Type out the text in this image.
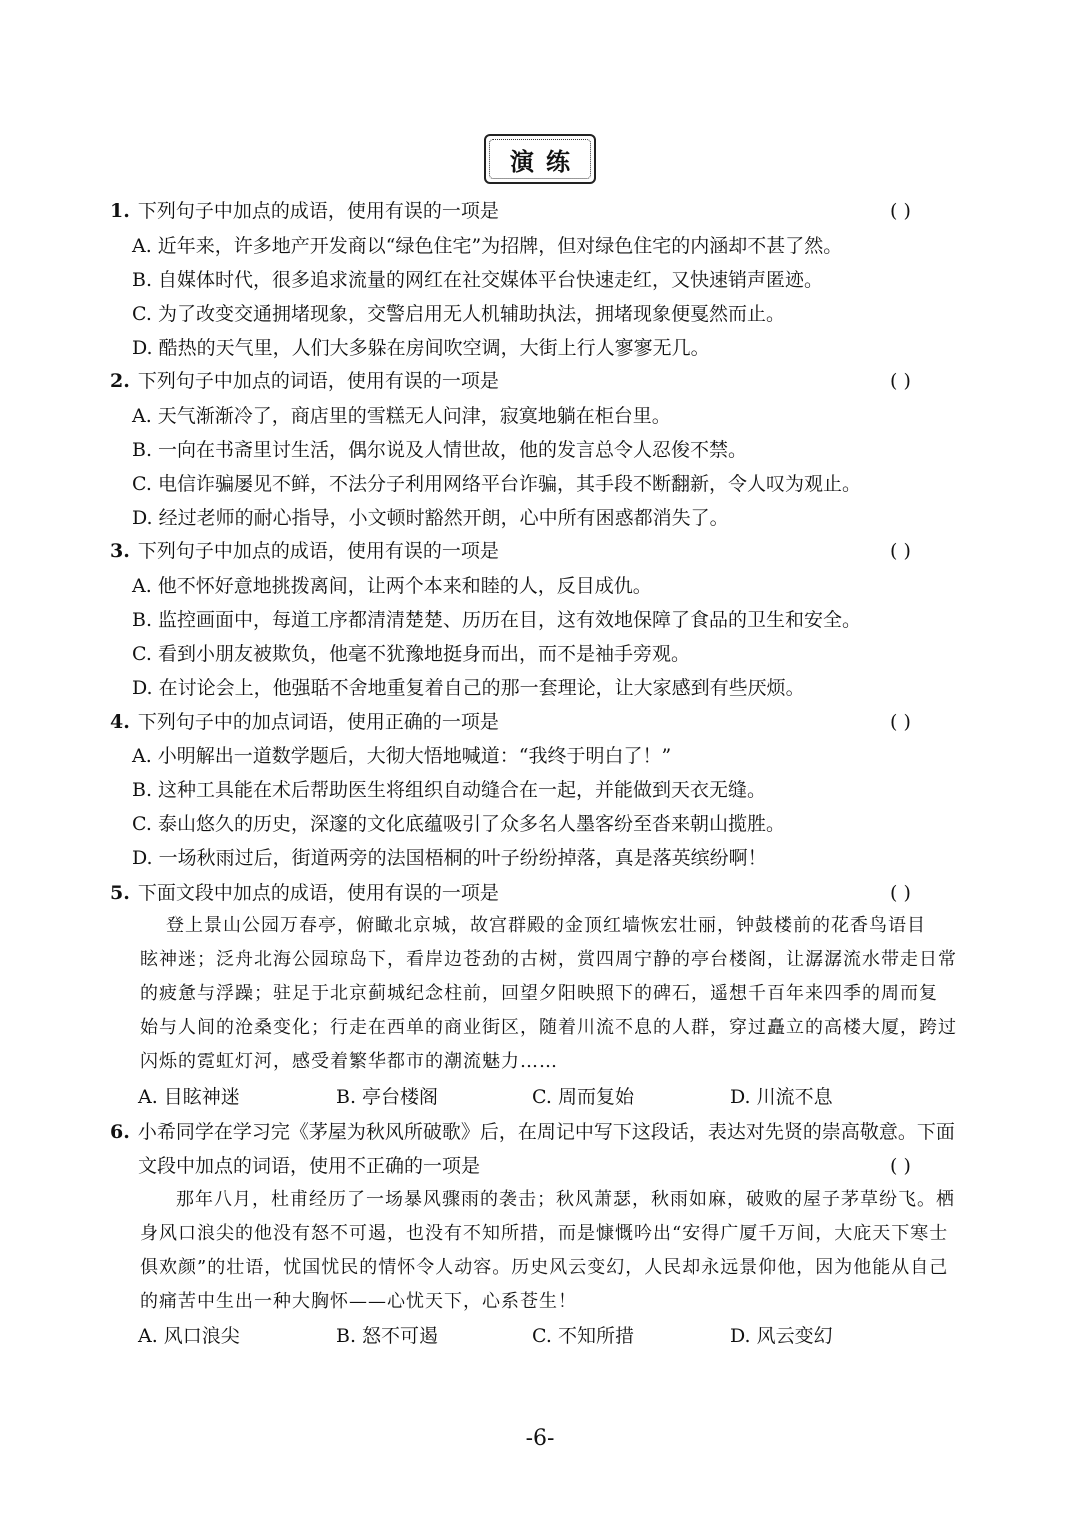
演练
1. 下列句子中加点的成语，使用有误的一项是	( )
A. 近年来，许多地产开发商以“绿色住宅”为招牌，但对绿色住宅的内涵却不甚了然。
B. 自媒体时代，很多追求流量的网红在社交媒体平台快速走红，又快速销声匿迹。
C. 为了改变交通拥堵现象，交警启用无人机辅助执法，拥堵现象便戛然而止。
D. 酷热的天气里，人们大多躲在房间吹空调，大街上行人寥寥无几。
2. 下列句子中加点的词语，使用有误的一项是	( )
A. 天气渐渐冷了，商店里的雪糕无人问津，寂寞地躺在柜台里。
B. 一向在书斋里讨生活，偶尔说及人情世故，他的发言总令人忍俊不禁。
C. 电信诈骗屡见不鲜，不法分子利用网络平台诈骗，其手段不断翻新，令人叹为观止。
D. 经过老师的耐心指导，小文顿时豁然开朗，心中所有困惑都消失了。
3. 下列句子中加点的成语，使用有误的一项是	( )
A. 他不怀好意地挑拨离间，让两个本来和睦的人，反目成仇。
B. 监控画面中，每道工序都清清楚楚、历历在目，这有效地保障了食品的卫生和安全。
C. 看到小朋友被欺负，他毫不犹豫地挺身而出，而不是袖手旁观。
D. 在讨论会上，他强聒不舍地重复着自己的那一套理论，让大家感到有些厌烦。
4. 下列句子中的加点词语，使用正确的一项是	( )
A. 小明解出一道数学题后，大彻大悟地喊道：“我终于明白了！”
B. 这种工具能在术后帮助医生将组织自动缝合在一起，并能做到天衣无缝。
C. 泰山悠久的历史，深邃的文化底蕴吸引了众多名人墨客纷至沓来朝山揽胜。
D. 一场秋雨过后，街道两旁的法国梧桐的叶子纷纷掉落，真是落英缤纷啊！
5. 下面文段中加点的成语，使用有误的一项是	( )
登上景山公园万春亭，俯瞰北京城，故宫群殿的金顶红墙恢宏壮丽，钟鼓楼前的花香鸟语目
眩神迷；泛舟北海公园琼岛下，看岸边苍劲的古树，赏四周宁静的亭台楼阁，让潺潺流水带走日常
的疲惫与浮躁；驻足于北京蓟城纪念柱前，回望夕阳映照下的碑石，遥想千百年来四季的周而复
始与人间的沧桑变化；行走在西单的商业街区，随着川流不息的人群，穿过矗立的高楼大厦，跨过
闪烁的霓虹灯河，感受着繁华都市的潮流魅力……
A. 目眩神迷	B. 亭台楼阁	C. 周而复始	D. 川流不息
6. 小希同学在学习完《茅屋为秋风所破歌》后，在周记中写下这段话，表达对先贤的崇高敬意。下面
文段中加点的词语，使用不正确的一项是	( )
那年八月，杜甫经历了一场暴风骤雨的袭击；秋风萧瑟，秋雨如麻，破败的屋子茅草纷飞。栖
身风口浪尖的他没有怒不可遏，也没有不知所措，而是慷慨吟出“安得广厦千万间，大庇天下寒士
俱欢颜”的壮语，忧国忧民的情怀令人动容。历史风云变幻，人民却永远景仰他，因为他能从自己
的痛苦中生出一种大胸怀——心忧天下，心系苍生！
A. 风口浪尖	B. 怒不可遏	C. 不知所措	D. 风云变幻
-6-
